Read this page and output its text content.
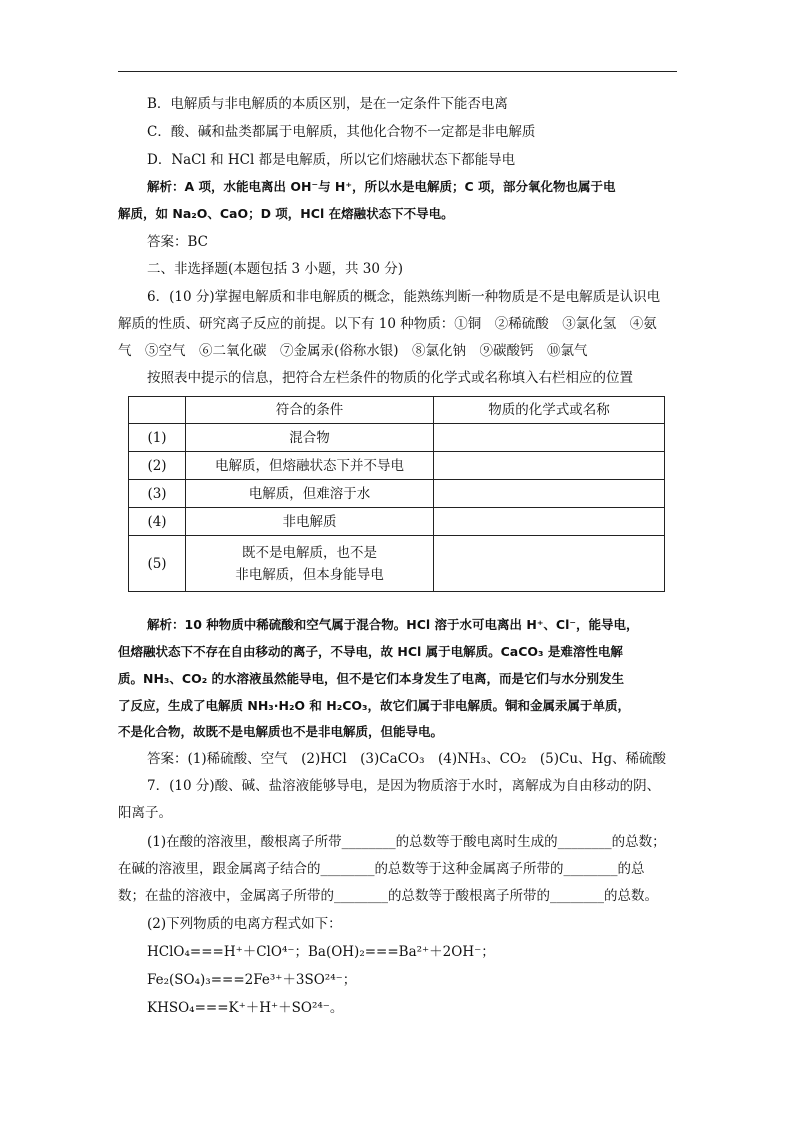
B．电解质与非电解质的本质区别，是在一定条件下能否电离
C．酸、碱和盐类都属于电解质，其他化合物不一定都是非电解质
D．NaCl 和 HCl 都是电解质，所以它们熔融状态下都能导电
解析：A 项，水能电离出 OH⁻与 H⁺，所以水是电解质；C 项，部分氧化物也属于电
解质，如 Na₂O、CaO；D 项，HCl 在熔融状态下不导电。
答案：BC
二、非选择题(本题包括 3 小题，共 30 分)
6．(10 分)掌握电解质和非电解质的概念，能熟练判断一种物质是不是电解质是认识电
解质的性质、研究离子反应的前提。以下有 10 种物质：①铜　②稀硫酸　③氯化氢　④氨
气　⑤空气　⑥二氧化碳　⑦金属汞(俗称水银)　⑧氯化钠　⑨碳酸钙　⑩氯气
按照表中提示的信息，把符合左栏条件的物质的化学式或名称填入右栏相应的位置
	符合的条件	物质的化学式或名称
(1)	混合物	
(2)	电解质，但熔融状态下并不导电	
(3)	电解质，但难溶于水	
(4)	非电解质	
(5)	既不是电解质，也不是
非电解质，但本身能导电	

解析：10 种物质中稀硫酸和空气属于混合物。HCl 溶于水可电离出 H⁺、Cl⁻，能导电，
但熔融状态下不存在自由移动的离子，不导电，故 HCl 属于电解质。CaCO₃ 是难溶性电解
质。NH₃、CO₂ 的水溶液虽然能导电，但不是它们本身发生了电离，而是它们与水分别发生
了反应，生成了电解质 NH₃·H₂O 和 H₂CO₃，故它们属于非电解质。铜和金属汞属于单质，
不是化合物，故既不是电解质也不是非电解质，但能导电。
答案：(1)稀硫酸、空气　(2)HCl　(3)CaCO₃　(4)NH₃、CO₂　(5)Cu、Hg、稀硫酸
7．(10 分)酸、碱、盐溶液能够导电，是因为物质溶于水时，离解成为自由移动的阴、
阳离子。
(1)在酸的溶液里，酸根离子所带________的总数等于酸电离时生成的________的总数；
在碱的溶液里，跟金属离子结合的________的总数等于这种金属离子所带的________的总
数；在盐的溶液中，金属离子所带的________的总数等于酸根离子所带的________的总数。
(2)下列物质的电离方程式如下：
HClO₄===H⁺＋ClO⁴⁻；Ba(OH)₂===Ba²⁺＋2OH⁻；
Fe₂(SO₄)₃===2Fe³⁺＋3SO²⁴⁻；
KHSO₄===K⁺＋H⁺＋SO²⁴⁻。
